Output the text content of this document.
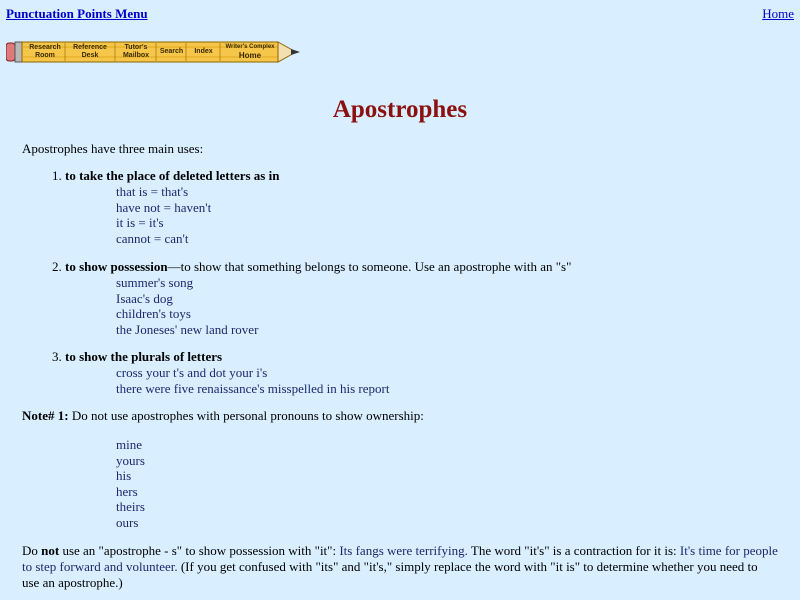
Punctuation Points Menu	Home
Research
Room
Reference
Desk
Tutor's
Mailbox	Search	Index
Writer's Complex
Home
Apostrophes

Apostrophes have three main uses:

1. to take the place of deleted letters as in
that is = that's
have not = haven't
it is = it's
cannot = can't
2. to show possession—to show that something belongs to someone. Use an apostrophe with an "s"
summer's song
Isaac's dog
children's toys
the Joneses' new land rover
3. to show the plurals of letters
cross your t's and dot your i's
there were five renaissance's misspelled in his report

Note# 1: Do not use apostrophes with personal pronouns to show ownership:

mine
yours
his
hers
theirs
ours

Do not use an "apostrophe - s" to show possession with "it": Its fangs were terrifying. The word "it's" is a contraction for it is: It's time for people to step forward and volunteer. (If you get confused with "its" and "it's," simply replace the word with "it is" to determine whether you need to use an apostrophe.)
